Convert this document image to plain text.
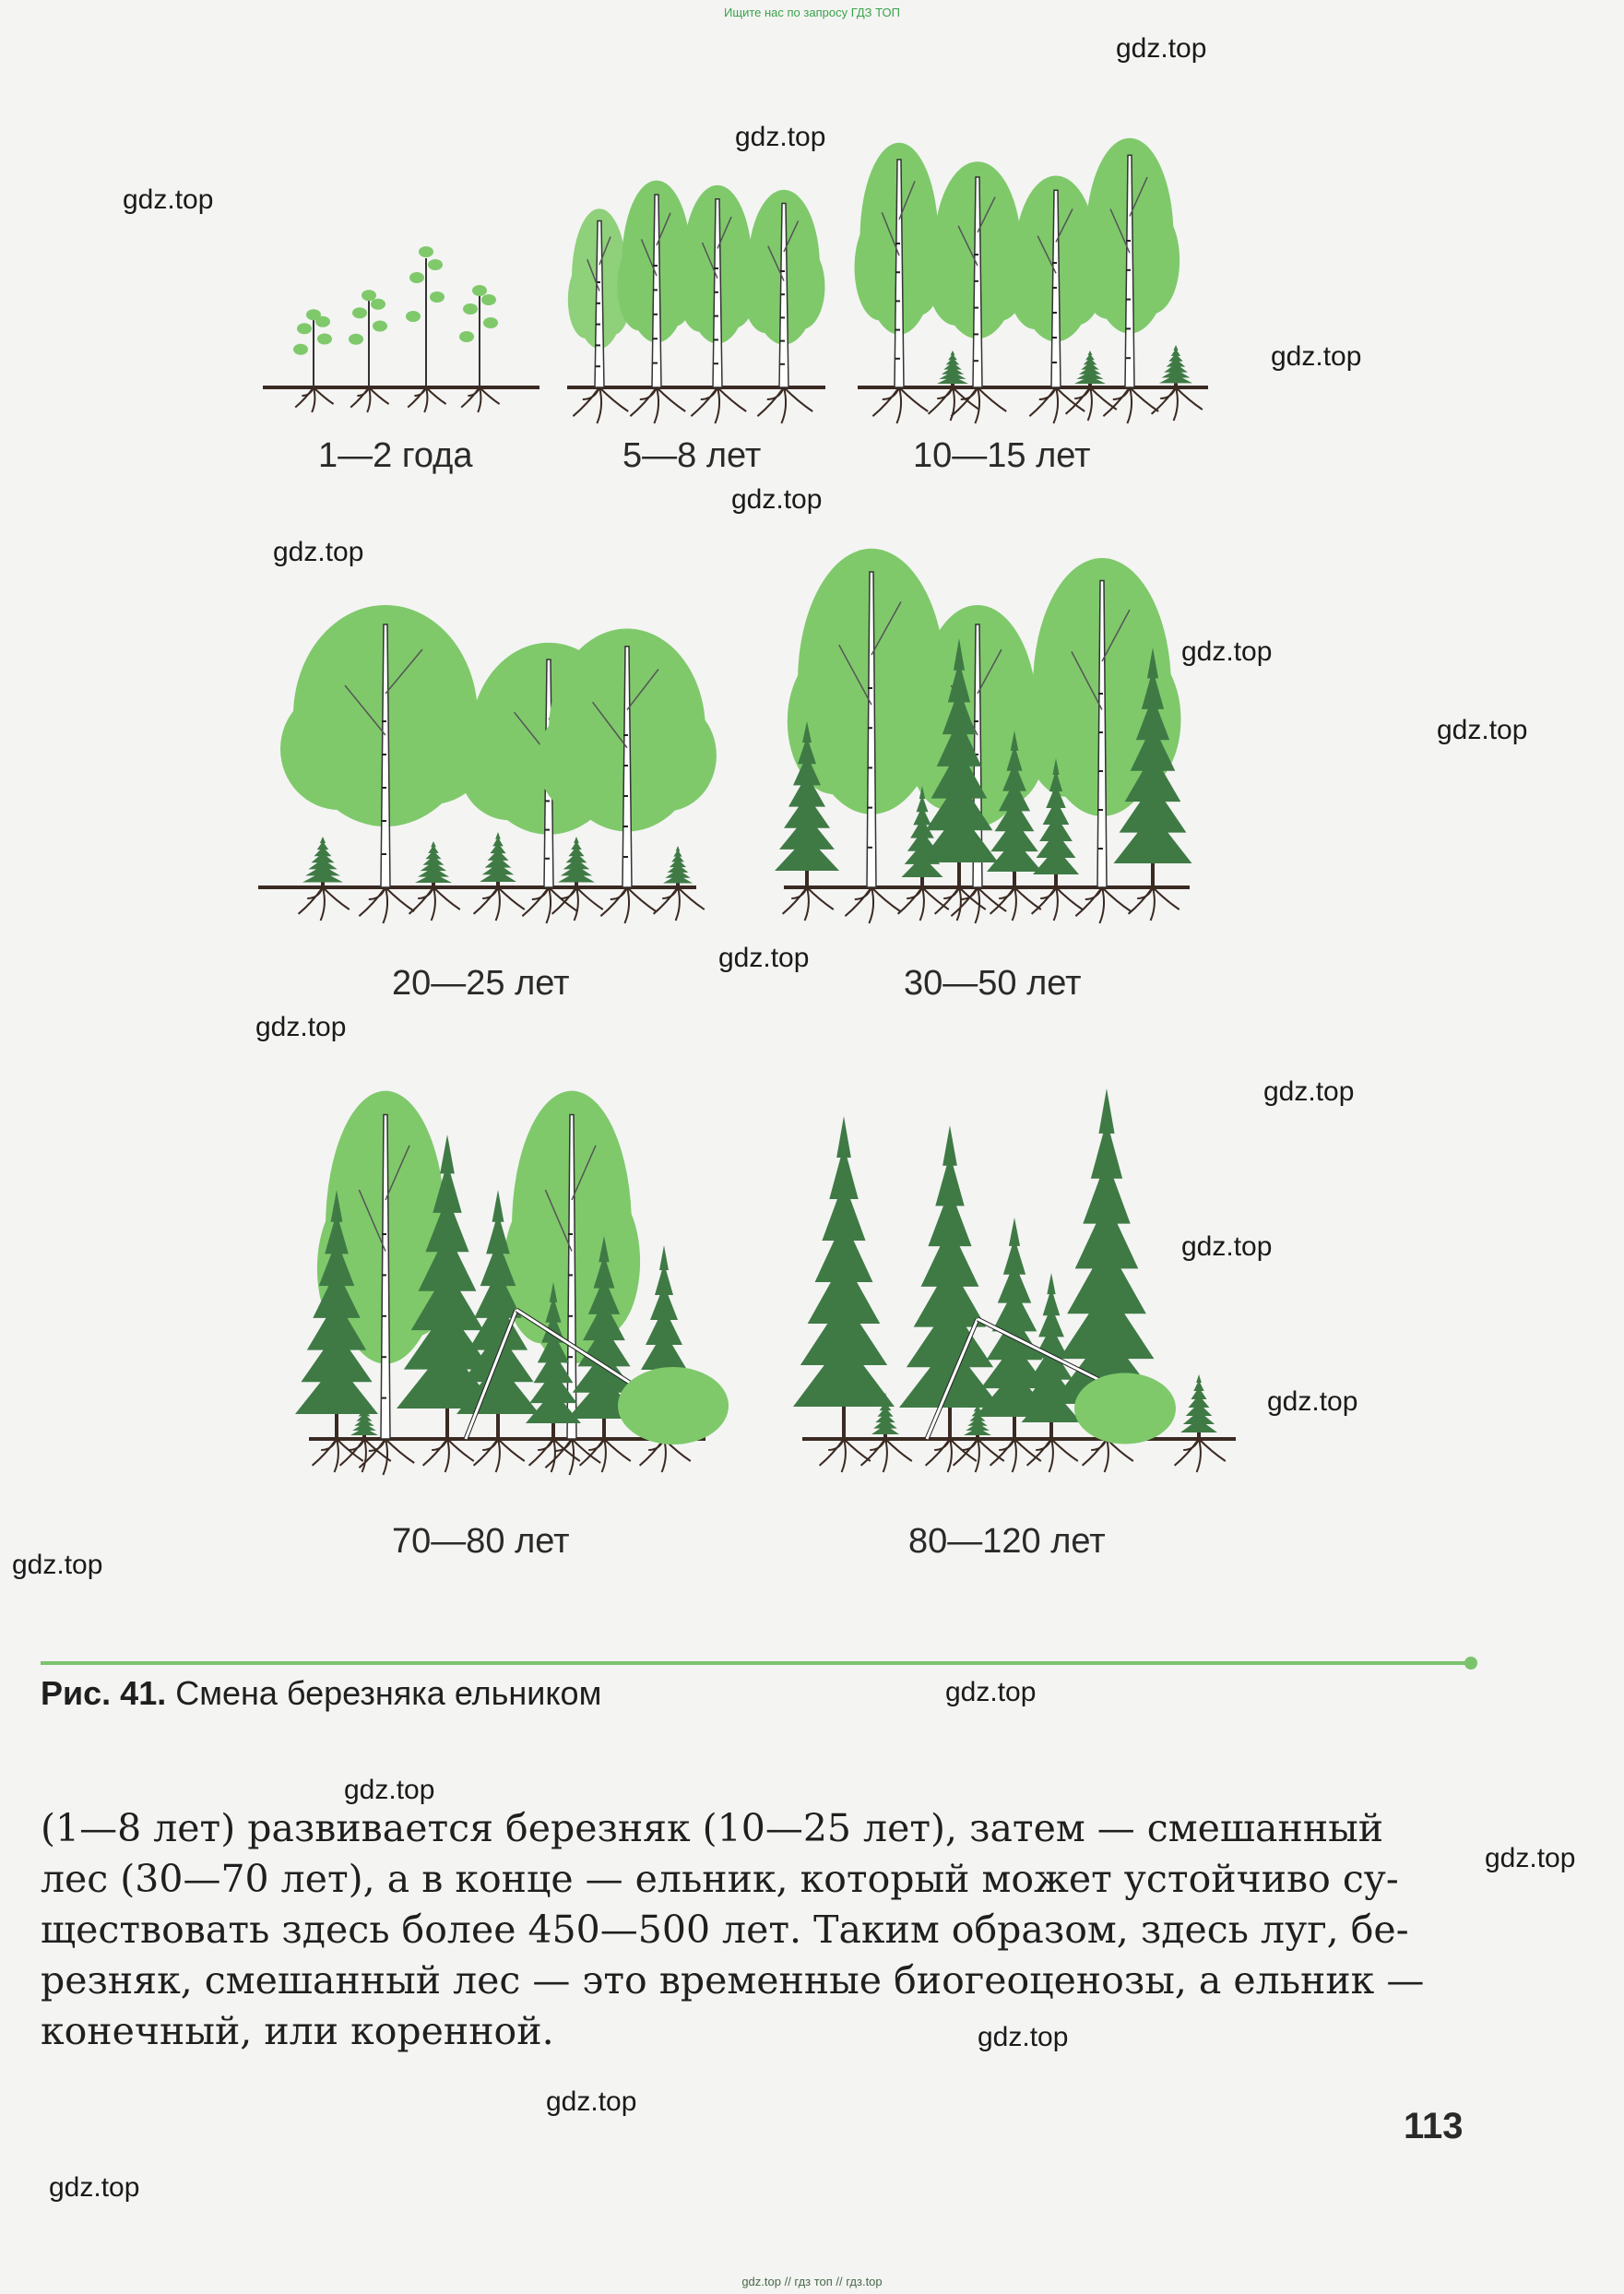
Ищите нас по запросу ГДЗ ТОП
1—2 года	5—8 лет	10—15 лет
20—25 лет	30—50 лет
70—80 лет	80—120 лет
Рис. 41. Смена березняка ельником
(1—8 лет) развивается березняк (10—25 лет), затем — смешанный
лес (30—70 лет), а в конце — ельник, который может устойчиво су-
ществовать здесь более 450—500 лет. Таким образом, здесь луг, бе-
резняк, смешанный лес — это временные биогеоценозы, а ельник —
конечный, или коренной.
113
gdz.top
gdz.top
gdz.top
gdz.top
gdz.top
gdz.top
gdz.top
gdz.top
gdz.top
gdz.top
gdz.top
gdz.top
gdz.top
gdz.top
gdz.top
gdz.top
gdz.top
gdz.top
gdz.top
gdz.top
gdz.top // гдз топ // гдз.top
